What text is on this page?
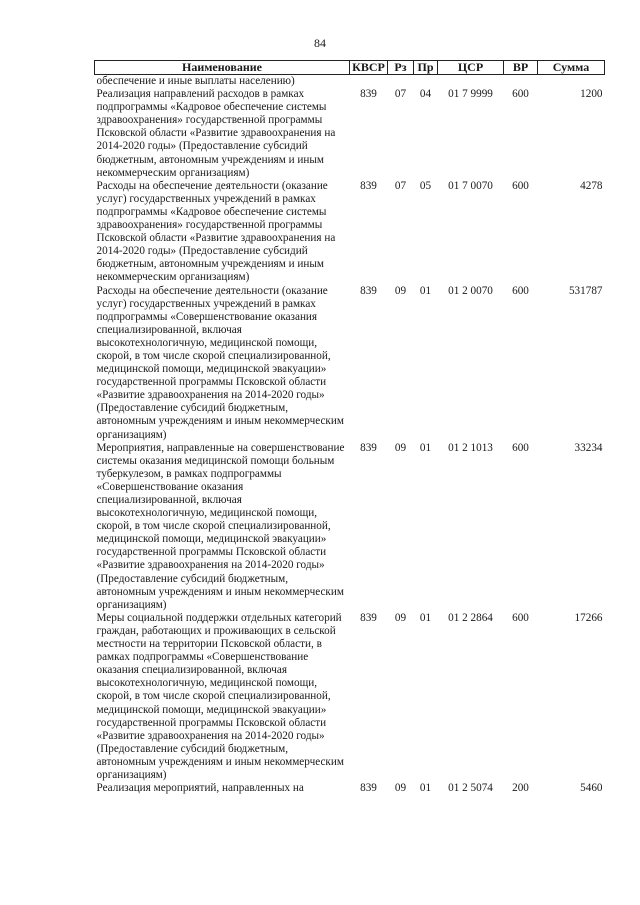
84
Наименование	КВСР	Рз	Пр	ЦСР	ВР	Сумма
обеспечение и иные выплаты населению)						
Реализация направлений расходов в рамках подпрограммы «Кадровое обеспечение системы здравоохранения» государственной программы Псковской области «Развитие здравоохранения на 2014-2020 годы» (Предоставление субсидий бюджетным, автономным учреждениям и иным некоммерческим организациям)	839	07	04	01 7 9999	600	1200
Расходы на обеспечение деятельности (оказание услуг) государственных учреждений в рамках подпрограммы «Кадровое обеспечение системы здравоохранения» государственной программы Псковской области «Развитие здравоохранения на 2014-2020 годы» (Предоставление субсидий бюджетным, автономным учреждениям и иным некоммерческим организациям)	839	07	05	01 7 0070	600	4278
Расходы на обеспечение деятельности (оказание услуг) государственных учреждений в рамках подпрограммы «Совершенствование оказания специализированной, включая высокотехнологичную, медицинской помощи, скорой, в том числе скорой специализированной, медицинской помощи, медицинской эвакуации» государственной программы Псковской области «Развитие здравоохранения на 2014-2020 годы» (Предоставление субсидий бюджетным, автономным учреждениям и иным некоммерческим организациям)	839	09	01	01 2 0070	600	531787
Мероприятия, направленные на совершенствование системы оказания медицинской помощи больным туберкулезом, в рамках подпрограммы «Совершенствование оказания специализированной, включая высокотехнологичную, медицинской помощи, скорой, в том числе скорой специализированной, медицинской помощи, медицинской эвакуации» государственной программы Псковской области «Развитие здравоохранения на 2014-2020 годы» (Предоставление субсидий бюджетным, автономным учреждениям и иным некоммерческим организациям)	839	09	01	01 2 1013	600	33234
Меры социальной поддержки отдельных категорий граждан, работающих и проживающих в сельской местности на территории Псковской области, в рамках подпрограммы «Совершенствование оказания специализированной, включая высокотехнологичную, медицинской помощи, скорой, в том числе скорой специализированной, медицинской помощи, медицинской эвакуации» государственной программы Псковской области «Развитие здравоохранения на 2014-2020 годы» (Предоставление субсидий бюджетным, автономным учреждениям и иным некоммерческим организациям)	839	09	01	01 2 2864	600	17266
Реализация мероприятий, направленных на	839	09	01	01 2 5074	200	5460
